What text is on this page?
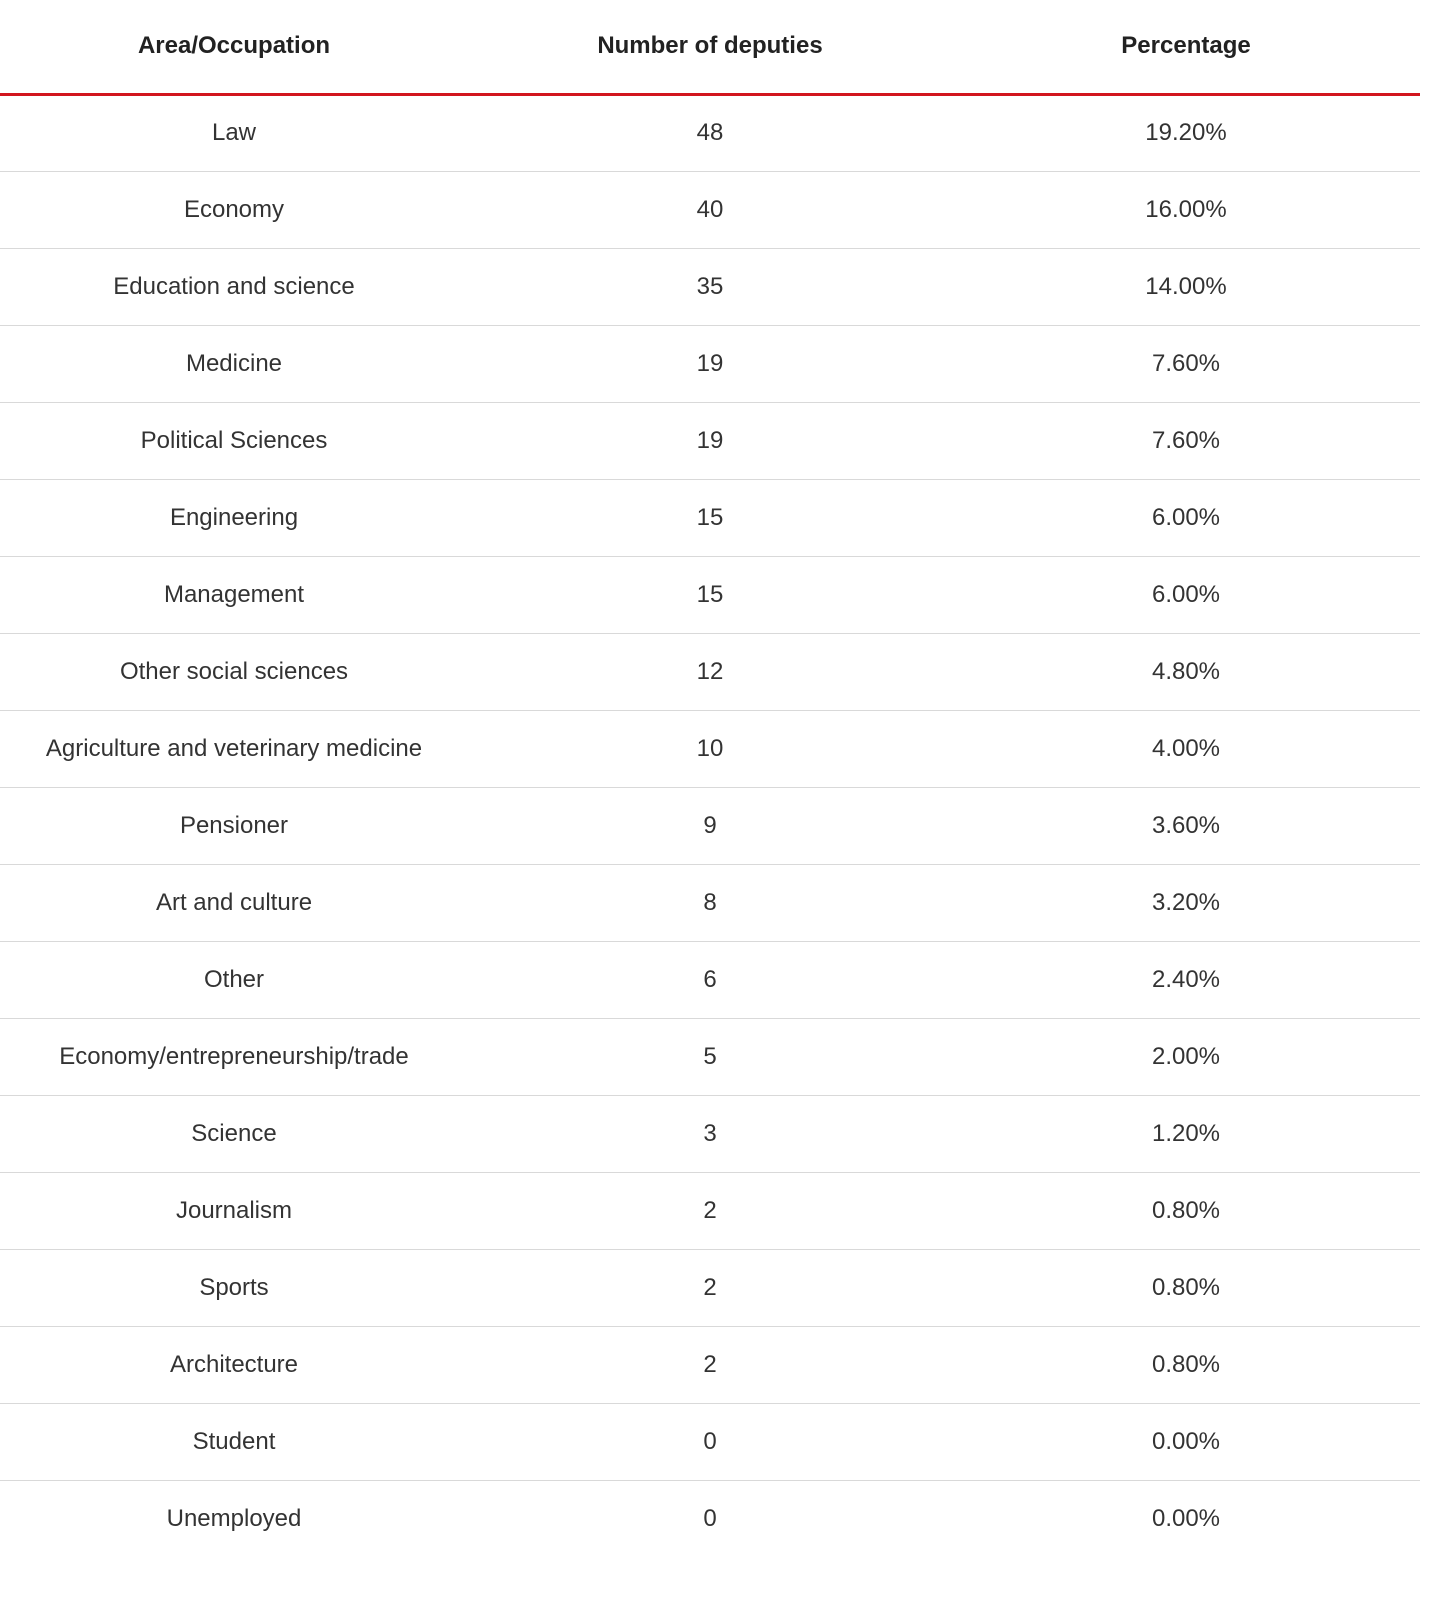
Area/Occupation	Number of deputies	Percentage
Law	48	19.20%
Economy	40	16.00%
Education and science	35	14.00%
Medicine	19	7.60%
Political Sciences	19	7.60%
Engineering	15	6.00%
Management	15	6.00%
Other social sciences	12	4.80%
Agriculture and veterinary medicine	10	4.00%
Pensioner	9	3.60%
Art and culture	8	3.20%
Other	6	2.40%
Economy/entrepreneurship/trade	5	2.00%
Science	3	1.20%
Journalism	2	0.80%
Sports	2	0.80%
Architecture	2	0.80%
Student	0	0.00%
Unemployed	0	0.00%
